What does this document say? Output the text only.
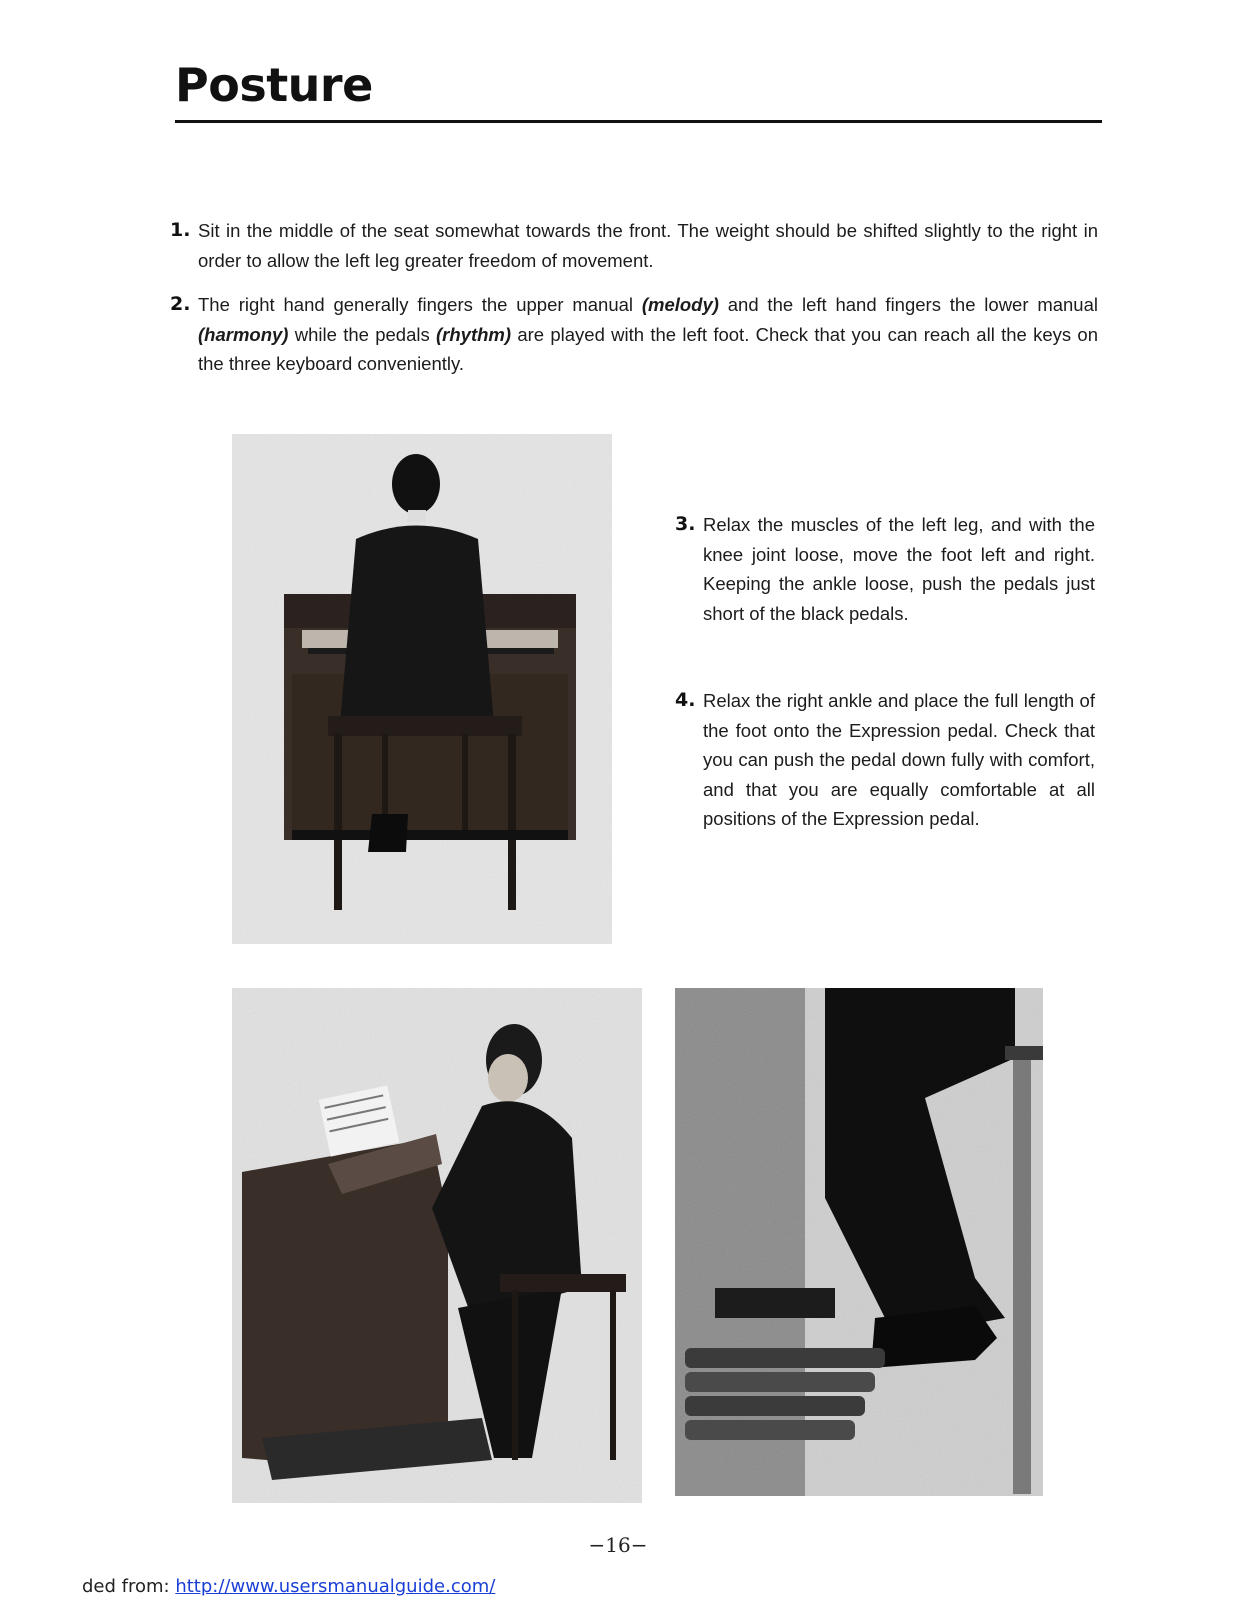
Posture
1. Sit in the middle of the seat somewhat towards the front. The weight should be shifted slightly to the right in order to allow the left leg greater freedom of movement.
2. The right hand generally fingers the upper manual (melody) and the left hand fingers the lower manual (harmony) while the pedals (rhythm) are played with the left foot. Check that you can reach all the keys on the three keyboard conveniently.
3. Relax the muscles of the left leg, and with the knee joint loose, move the foot left and right. Keeping the ankle loose, push the pedals just short of the black pedals.
4. Relax the right ankle and place the full length of the foot onto the Expression pedal. Check that you can push the pedal down fully with comfort, and that you are equally comfortable at all positions of the Expression pedal.
−16−
ded from: http://www.usersmanualguide.com/
